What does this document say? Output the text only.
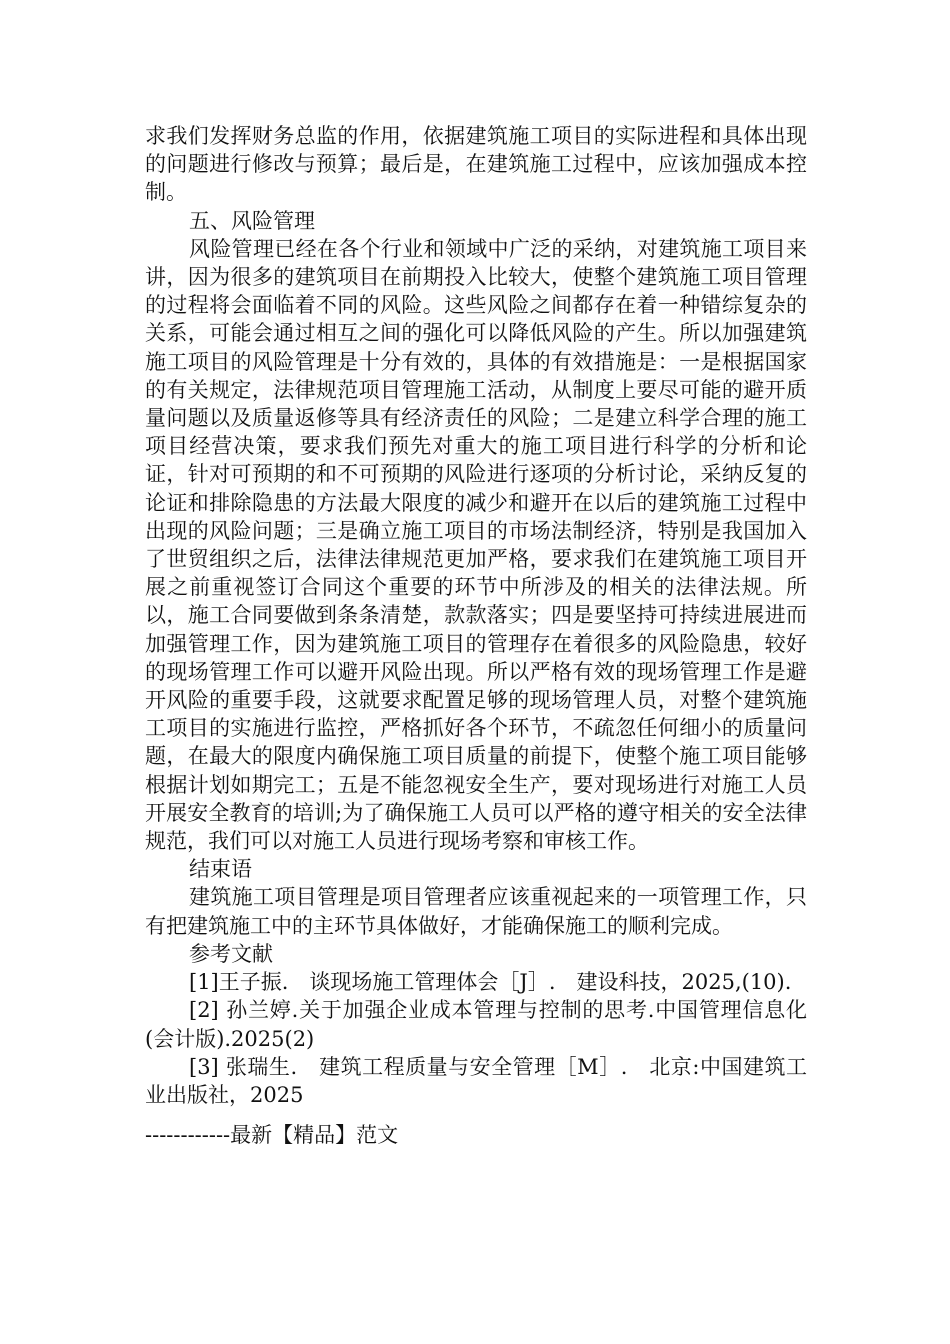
求我们发挥财务总监的作用，依据建筑施工项目的实际进程和具体出现的问题进行修改与预算；最后是，在建筑施工过程中，应该加强成本控制。

五、风险管理

风险管理已经在各个行业和领域中广泛的采纳，对建筑施工项目来讲，因为很多的建筑项目在前期投入比较大，使整个建筑施工项目管理的过程将会面临着不同的风险。这些风险之间都存在着一种错综复杂的关系，可能会通过相互之间的强化可以降低风险的产生。所以加强建筑施工项目的风险管理是十分有效的，具体的有效措施是：一是根据国家的有关规定，法律规范项目管理施工活动，从制度上要尽可能的避开质量问题以及质量返修等具有经济责任的风险；二是建立科学合理的施工项目经营决策，要求我们预先对重大的施工项目进行科学的分析和论证，针对可预期的和不可预期的风险进行逐项的分析讨论，采纳反复的论证和排除隐患的方法最大限度的减少和避开在以后的建筑施工过程中出现的风险问题；三是确立施工项目的市场法制经济，特别是我国加入了世贸组织之后，法律法律规范更加严格，要求我们在建筑施工项目开展之前重视签订合同这个重要的环节中所涉及的相关的法律法规。所以，施工合同要做到条条清楚，款款落实；四是要坚持可持续进展进而加强管理工作，因为建筑施工项目的管理存在着很多的风险隐患，较好的现场管理工作可以避开风险出现。所以严格有效的现场管理工作是避开风险的重要手段，这就要求配置足够的现场管理人员，对整个建筑施工项目的实施进行监控，严格抓好各个环节，不疏忽任何细小的质量问题，在最大的限度内确保施工项目质量的前提下，使整个施工项目能够根据计划如期完工；五是不能忽视安全生产，要对现场进行对施工人员开展安全教育的培训;为了确保施工人员可以严格的遵守相关的安全法律规范，我们可以对施工人员进行现场考察和审核工作。

结束语

建筑施工项目管理是项目管理者应该重视起来的一项管理工作，只有把建筑施工中的主环节具体做好，才能确保施工的顺利完成。

参考文献

[1]王子振.　谈现场施工管理体会［J］.　建设科技，2025,(10).

[2] 孙兰婷.关于加强企业成本管理与控制的思考.中国管理信息化(会计版).2025(2)

[3] 张瑞生.　建筑工程质量与安全管理［M］.　北京:中国建筑工业出版社，2025

------------最新【精品】范文
